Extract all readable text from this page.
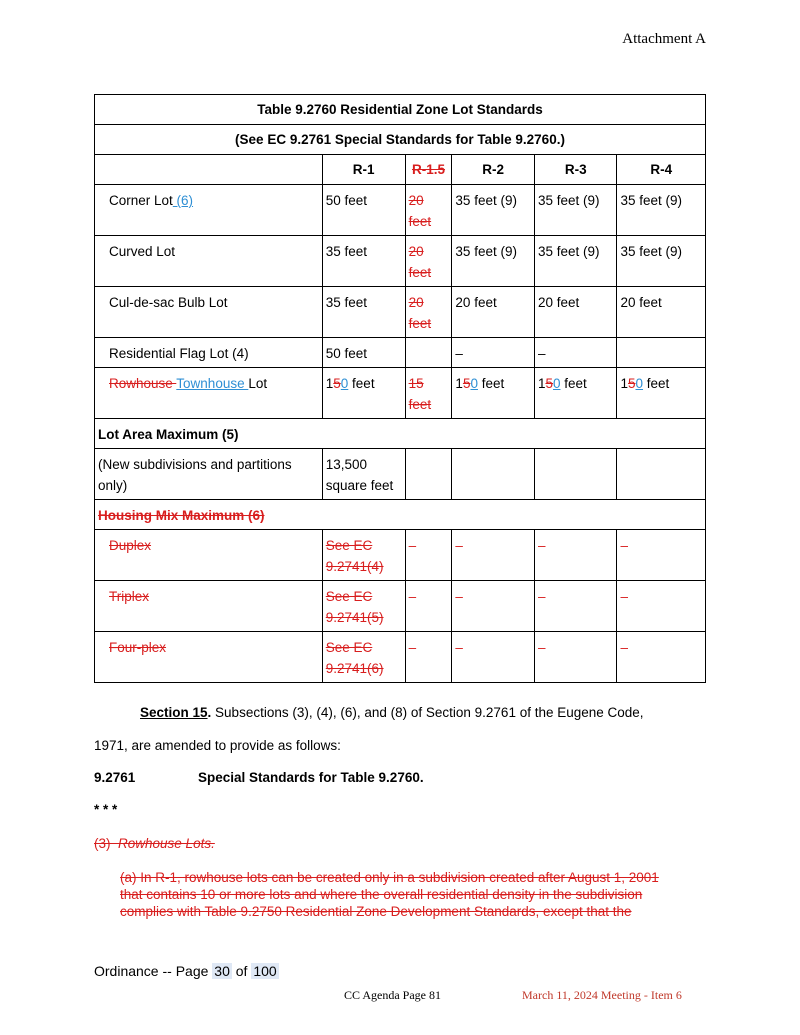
Attachment A
Table 9.2760 Residential Zone Lot Standards					
(See EC 9.2761 Special Standards for Table 9.2760.)					
	R-1	R-1.5	R-2	R-3	R-4
Corner Lot (6)	50 feet	20
feet	35 feet (9)	35 feet (9)	35 feet (9)
Curved Lot	35 feet	20
feet	35 feet (9)	35 feet (9)	35 feet (9)
Cul-de-sac Bulb Lot	35 feet	20
feet	20 feet	20 feet	20 feet
Residential Flag Lot (4)	50 feet		–	–	
Rowhouse Townhouse Lot	150 feet	15
feet	150 feet	150 feet	150 feet
Lot Area Maximum (5)					
(New subdivisions and partitions only)	13,500
square feet				
Housing Mix Maximum (6)					
Duplex	See EC
9.2741(4)	–	–	–	–
Triplex	See EC
9.2741(5)	–	–	–	–
Four-plex	See EC
9.2741(6)	–	–	–	–
Section 15. Subsections (3), (4), (6), and (8) of Section 9.2761 of the Eugene Code,
1971, are amended to provide as follows:
9.2761	Special Standards for Table 9.2760.
* * *
(3) Rowhouse Lots.
(a) In R-1, rowhouse lots can be created only in a subdivision created after August 1, 2001
that contains 10 or more lots and where the overall residential density in the subdivision
complies with Table 9.2750 Residential Zone Development Standards, except that the
Ordinance -- Page 30 of 100
CC Agenda Page 81	March 11, 2024 Meeting - Item 6
